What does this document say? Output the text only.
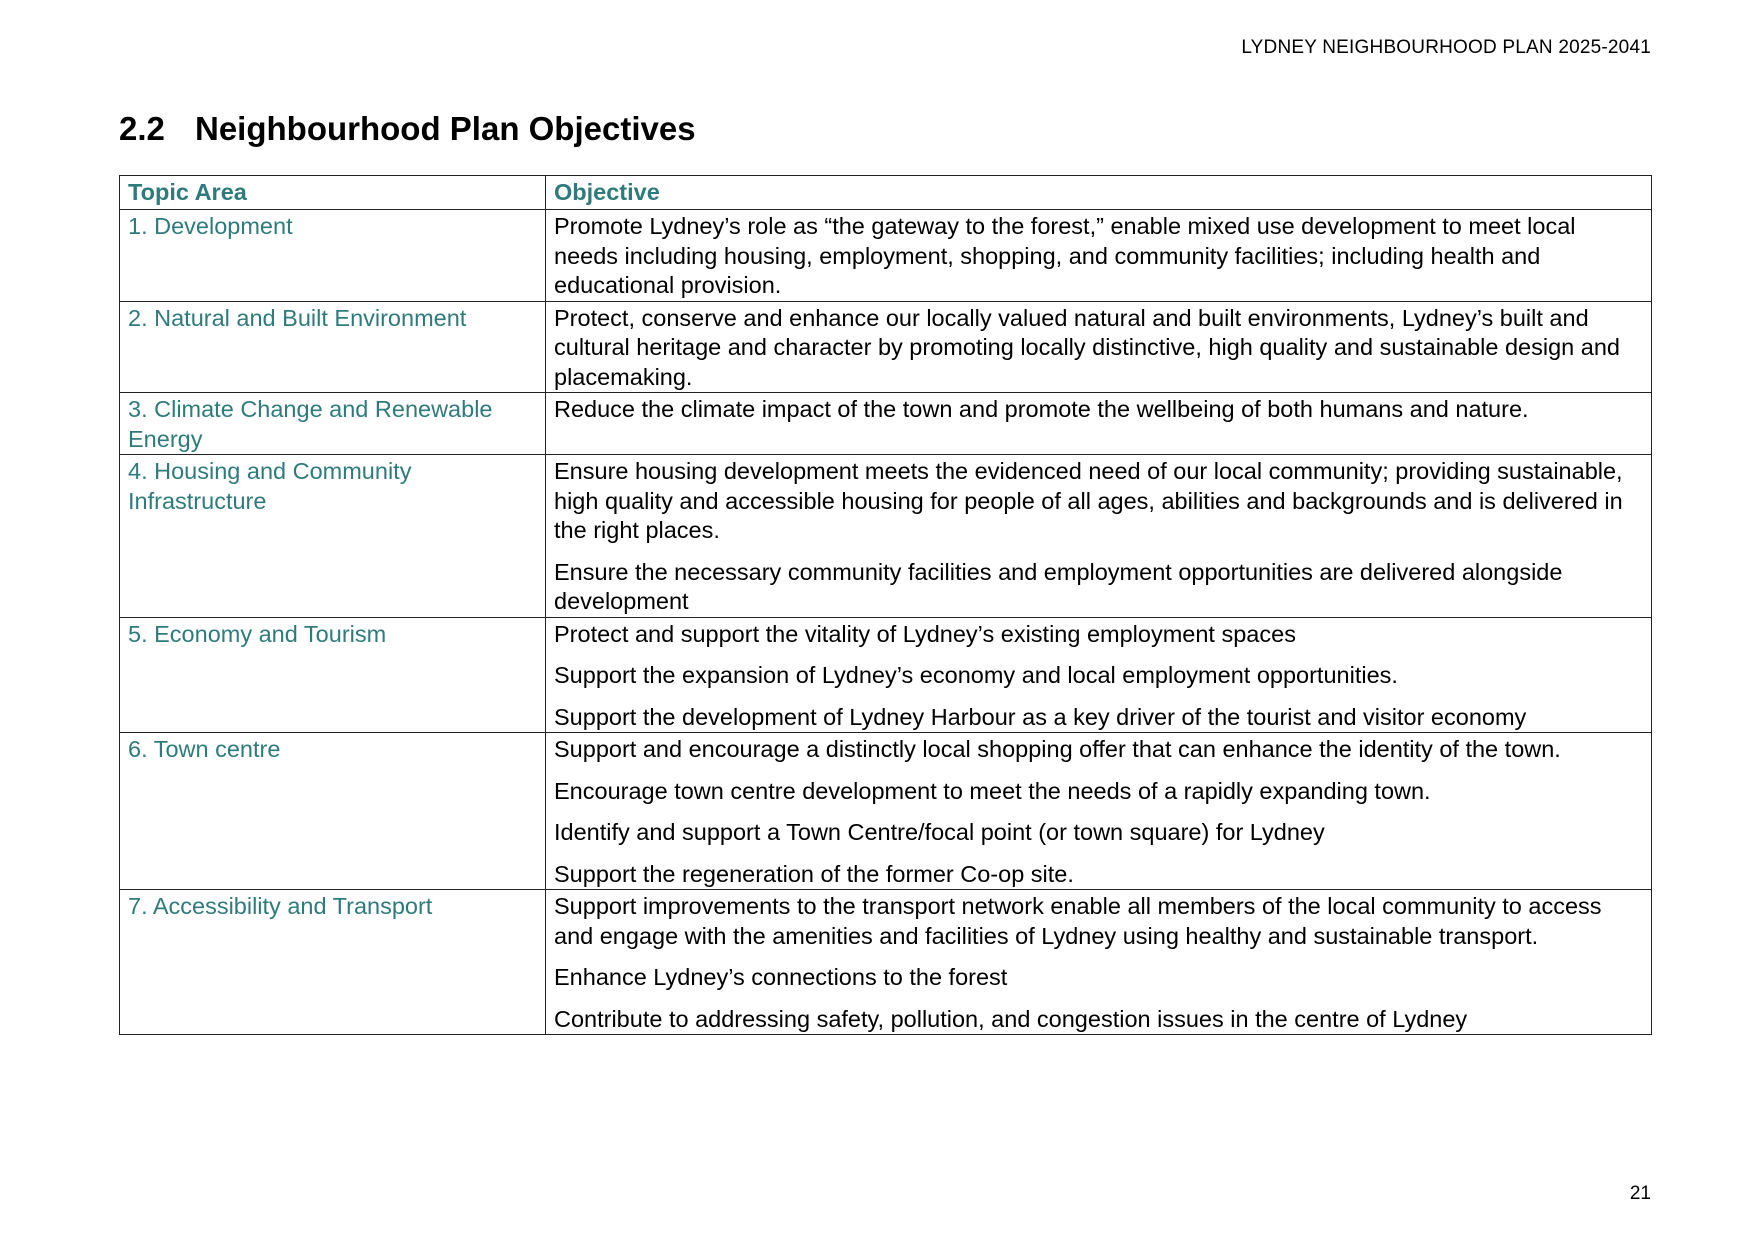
LYDNEY NEIGHBOURHOOD PLAN 2025-2041
2.2 Neighbourhood Plan Objectives
Topic Area	Objective
1. Development	Promote Lydney’s role as “the gateway to the forest,” enable mixed use development to meet local needs including housing, employment, shopping, and community facilities; including health and educational provision.

2. Natural and Built Environment	Protect, conserve and enhance our locally valued natural and built environments, Lydney’s built and cultural heritage and character by promoting locally distinctive, high quality and sustainable design and placemaking.

3. Climate Change and Renewable Energy	Reduce the climate impact of the town and promote the wellbeing of both humans and nature.

4. Housing and Community Infrastructure	Ensure housing development meets the evidenced need of our local community; providing sustainable, high quality and accessible housing for people of all ages, abilities and backgrounds and is delivered in the right places.
Ensure the necessary community facilities and employment opportunities are delivered alongside development

5. Economy and Tourism	Protect and support the vitality of Lydney’s existing employment spaces
Support the expansion of Lydney’s economy and local employment opportunities.
Support the development of Lydney Harbour as a key driver of the tourist and visitor economy

6. Town centre	Support and encourage a distinctly local shopping offer that can enhance the identity of the town.
Encourage town centre development to meet the needs of a rapidly expanding town.
Identify and support a Town Centre/focal point (or town square) for Lydney
Support the regeneration of the former Co-op site.

7. Accessibility and Transport	Support improvements to the transport network enable all members of the local community to access and engage with the amenities and facilities of Lydney using healthy and sustainable transport.
Enhance Lydney’s connections to the forest
Contribute to addressing safety, pollution, and congestion issues in the centre of Lydney
21
